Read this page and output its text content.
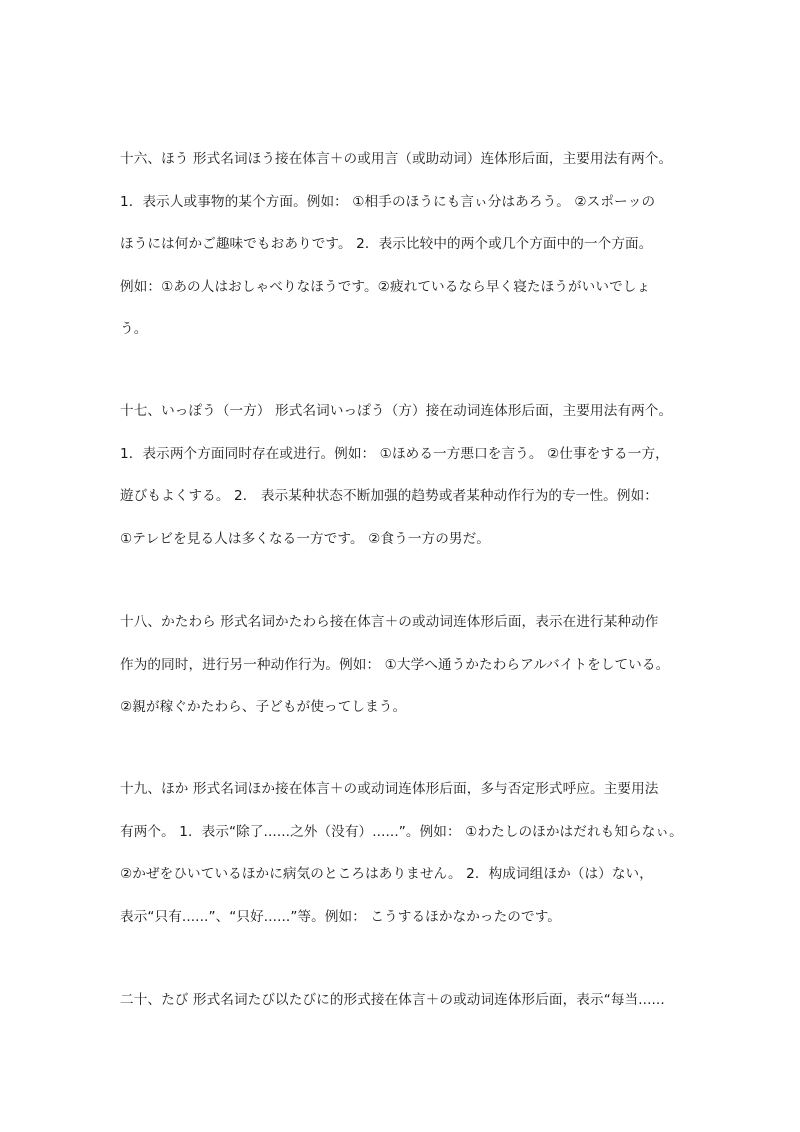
十六、ほう 形式名词ほう接在体言＋の或用言（或助动词）连体形后面，主要用法有两个。
1．表示人或事物的某个方面。例如： ①相手のほうにも言ぃ分はあろう。 ②スポーッの
ほうには何かご趣味でもおありです。 2．表示比较中的两个或几个方面中的一个方面。
例如：①あの人はおしゃべりなほうです。②疲れているなら早く寝たほうがいいでしょ
う。
十七、いっぽう（一方） 形式名词いっぽう（方）接在动词连体形后面，主要用法有两个。
1．表示两个方面同时存在或进行。例如： ①ほめる一方悪口を言う。 ②仕事をする一方，
遊びもよくする。 2． 表示某种状态不断加强的趋势或者某种动作行为的专一性。例如：
①テレビを見る人は多くなる一方です。 ②食う一方の男だ。
十八、かたわら 形式名词かたわら接在体言＋の或动词连体形后面，表示在进行某种动作
作为的同时，进行另一种动作行为。例如： ①大学へ通うかたわらアルバイトをしている。
②親が稼ぐかたわら、子どもが使ってしまう。
十九、ほか 形式名词ほか接在体言＋の或动词连体形后面，多与否定形式呼应。主要用法
有两个。 1．表示“除了......之外（没有）......”。例如： ①わたしのほかはだれも知らなぃ。
②かぜをひいているほかに病気のところはありません。 2．构成词组ほか（は）ない，
表示“只有......”、“只好......”等。例如： こうするほかなかったのです。
二十、たび 形式名词たび以たびに的形式接在体言＋の或动词连体形后面，表示“每当......
